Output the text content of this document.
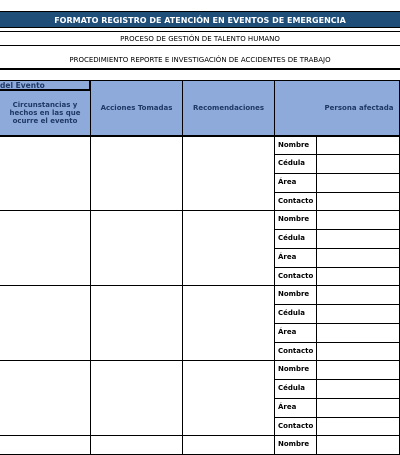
FORMATO REGISTRO DE ATENCIÓN EN EVENTOS DE EMERGENCIA
PROCESO DE GESTIÓN DE TALENTO HUMANO
PROCEDIMIENTO REPORTE E INVESTIGACIÓN DE ACCIDENTES DE TRABAJO
del Evento
Circunstancias y hechos en las que ocurre el evento
Acciones Tomadas	Recomendaciones	Persona afectada
Nombre
Cédula
Área
Contacto
Nombre
Cédula
Área
Contacto
Nombre
Cédula
Área
Contacto
Nombre
Cédula
Área
Contacto
Nombre
